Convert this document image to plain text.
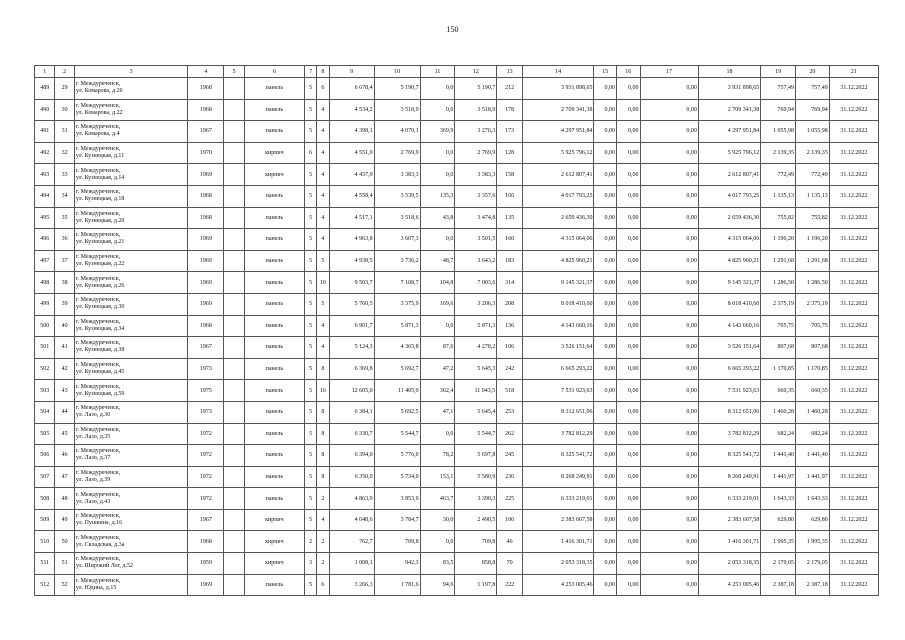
150
1	2	3	4	5	6	7	8	9	10	11	12	13	14	15	16	17	18	19	20	21
489	29	г. Междуреченск,
ул. Комарова, д.20	1968		панель	5	6	6 678,4	5 190,7	0,0	5 190,7	212	3 931 898,65	0,00	0,00	0,00	3 931 898,65	757,49	757,49	31.12.2022
490	30	г. Междуреченск,
ул. Комарова, д.22	1968		панель	5	4	4 534,2	3 518,9	0,0	3 518,9	178	2 709 341,38	0,00	0,00	0,00	2 709 341,38	769,94	769,94	31.12.2022
491	31	г. Междуреченск,
ул. Комарова, д.4	1967		панель	5	4	4 398,1	4 070,1	369,9	3 276,3	173	4 297 951,84	0,00	0,00	0,00	4 297 951,84	1 055,98	1 055,98	31.12.2022
492	32	г. Междуреченск,
ул. Кузнецкая, д.11	1970		кирпич	6	4	4 551,0	2 769,9	0,0	2 769,9	128	5 925 796,12	0,00	0,00	0,00	5 925 796,12	2 139,35	2 139,35	31.12.2022
493	33	г. Междуреченск,
ул. Кузнецкая, д.14	1969		кирпич	5	4	4 437,9	3 383,3	0,0	3 383,3	158	2 612 807,41	0,00	0,00	0,00	2 612 807,41	772,49	772,49	31.12.2022
494	34	г. Междуреченск,
ул. Кузнецкая, д.18	1968		панель	5	4	4 558,4	3 539,5	135,3	3 357,6	166	4 017 793,25	0,00	0,00	0,00	4 017 793,25	1 135,13	1 135,13	31.12.2022
495	35	г. Междуреченск,
ул. Кузнецкая, д.20	1968		панель	5	4	4 517,1	3 518,6	43,8	3 474,8	135	2 659 436,30	0,00	0,00	0,00	2 659 436,30	755,82	755,82	31.12.2022
496	36	г. Междуреченск,
ул. Кузнецкая, д.21	1969		панель	5	4	4 963,8	3 607,3	0,0	3 501,5	160	4 315 064,06	0,00	0,00	0,00	4 315 064,06	1 196,20	1 196,20	31.12.2022
497	37	г. Междуреченск,
ул. Кузнецкая, д.22	1969		панель	5	5	4 938,5	3 736,2	48,7	3 643,2	183	4 825 960,21	0,00	0,00	0,00	4 825 960,21	1 291,68	1 291,68	31.12.2022
498	38	г. Междуреченск,
ул. Кузнецкая, д.26	1969		панель	5	10	9 503,7	7 108,7	104,8	7 003,6	314	9 145 321,37	0,00	0,00	0,00	9 145 321,37	1 286,50	1 286,50	31.12.2022
499	39	г. Междуреченск,
ул. Кузнецкая, д.30	1969		панель	5	5	5 760,5	3 375,9	169,6	3 206,3	208	8 018 410,60	0,00	0,00	0,00	8 018 410,60	2 375,19	2 375,19	31.12.2022
500	40	г. Междуреченск,
ул. Кузнецкая, д.34	1968		панель	5	4	6 901,7	5 871,3	0,0	5 871,3	136	4 143 660,16	0,00	0,00	0,00	4 143 660,16	705,75	705,75	31.12.2022
501	41	г. Междуреченск,
ул. Кузнецкая, д.38	1967		панель	5	4	5 124,3	4 365,8	87,6	4 278,2	106	3 526 151,64	0,00	0,00	0,00	3 526 151,64	807,68	807,68	31.12.2022
502	42	г. Междуреченск,
ул. Кузнецкая, д.45	1973		панель	5	8	6 369,8	5 692,7	47,2	5 645,3	242	6 665 293,22	0,00	0,00	0,00	6 665 293,22	1 170,85	1 170,85	31.12.2022
503	43	г. Междуреченск,
ул. Кузнецкая, д.59	1975		панель	5	16	12 605,0	11 405,9	362,4	11 043,5	518	7 531 923,63	0,00	0,00	0,00	7 531 923,63	660,35	660,35	31.12.2022
504	44	г. Междуреченск,
ул. Лазо, д.30	1973		панель	5	8	6 384,1	5 692,5	47,1	5 645,4	253	8 312 651,06	0,00	0,00	0,00	8 312 651,06	1 460,28	1 460,28	31.12.2022
505	45	г. Междуреченск,
ул. Лазо, д.35	1972		панель	5	8	6 330,7	5 544,7	0,0	5 544,7	262	3 782 812,29	0,00	0,00	0,00	3 782 812,29	682,24	682,24	31.12.2022
506	46	г. Междуреченск,
ул. Лазо, д.37	1972		панель	5	8	6 394,0	5 776,0	78,2	5 697,8	245	8 325 541,72	0,00	0,00	0,00	8 325 541,72	1 441,40	1 441,40	31.12.2022
507	47	г. Междуреченск,
ул. Лазо, д.39	1972		панель	5	8	6 350,0	5 734,0	153,1	5 580,9	236	8 268 249,91	0,00	0,00	0,00	8 268 249,91	1 441,97	1 441,97	31.12.2022
508	48	г. Междуреченск,
ул. Лазо, д.43	1972		панель	5	2	4 863,9	3 853,9	463,7	3 390,3	225	6 333 219,01	0,00	0,00	0,00	6 333 219,01	1 643,33	1 643,33	31.12.2022
509	49	г. Междуреченск,
ул. Пушкина, д.16	1967		кирпич	5	4	4 048,6	3 784,7	30,0	2 490,5	106	2 383 607,58	0,00	0,00	0,00	2 383 607,58	629,80	629,80	31.12.2022
510	50	г. Междуреченск,
ул. Складская, д.3а	1968		кирпич	2	2	762,7	709,8	0,0	709,8	46	1 416 301,71	0,00	0,00	0,00	1 416 301,71	1 995,35	1 995,35	31.12.2022
511	51	г. Междуреченск,
ул. Широкий Лог, д.52	1959		кирпич	3	2	1 008,1	942,3	83,5	858,8	70	2 053 318,35	0,00	0,00	0,00	2 053 318,35	2 179,05	2 179,05	31.12.2022
512	52	г. Междуреченск,
ул. Юдина, д.15	1969		панель	5	6	3 266,3	1 781,6	94,6	1 197,8	222	4 253 005,46	0,00	0,00	0,00	4 253 005,46	2 387,18	2 387,18	31.12.2022
